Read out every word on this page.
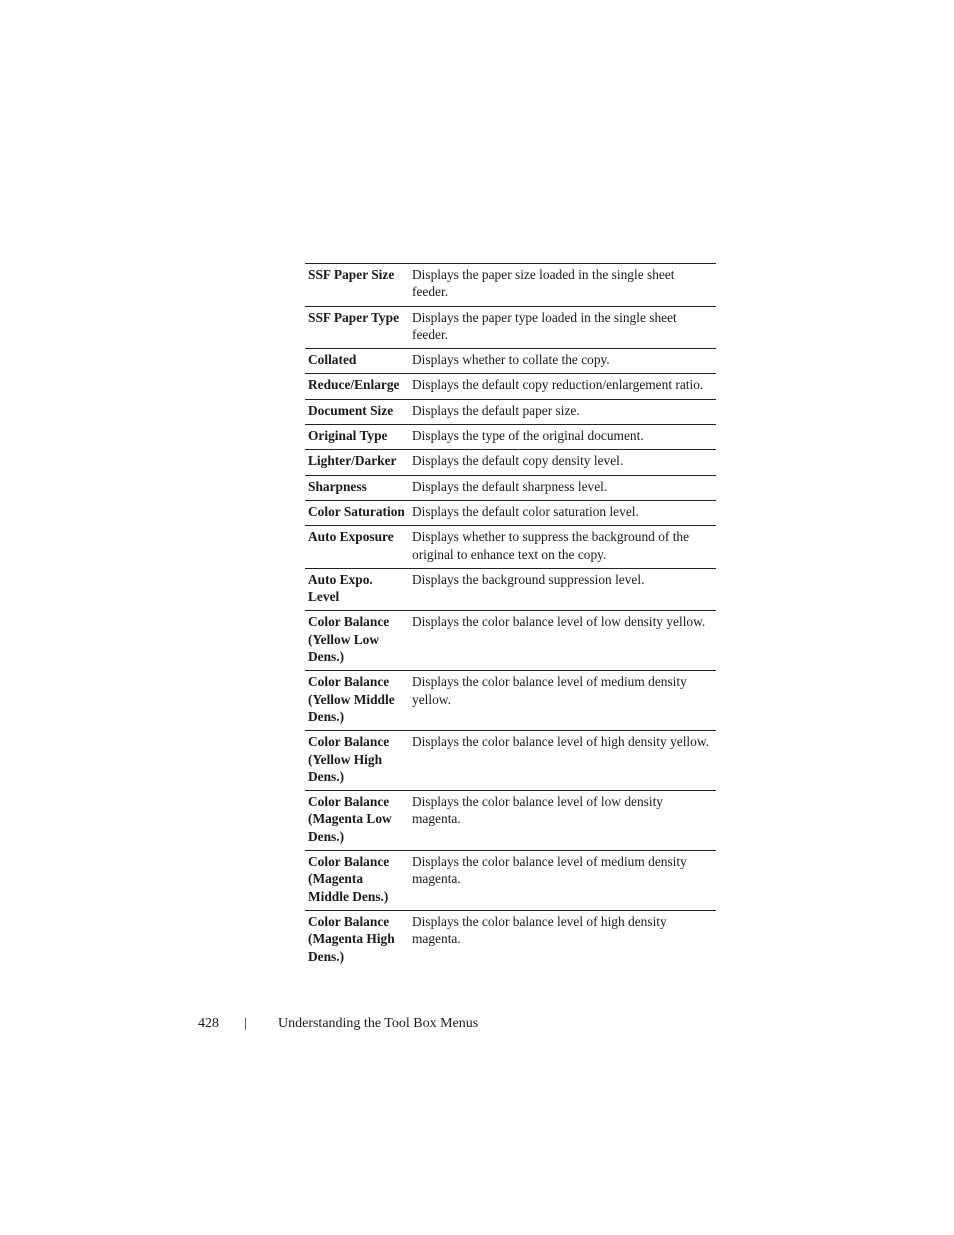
SSF Paper Size	Displays the paper size loaded in the single sheet feeder.
SSF Paper Type	Displays the paper type loaded in the single sheet feeder.
Collated	Displays whether to collate the copy.
Reduce/Enlarge	Displays the default copy reduction/enlargement ratio.
Document Size	Displays the default paper size.
Original Type	Displays the type of the original document.
Lighter/Darker	Displays the default copy density level.
Sharpness	Displays the default sharpness level.
Color Saturation	Displays the default color saturation level.
Auto Exposure	Displays whether to suppress the background of the original to enhance text on the copy.
Auto Expo. Level	Displays the background suppression level.
Color Balance (Yellow Low Dens.)	Displays the color balance level of low density yellow.
Color Balance (Yellow Middle Dens.)	Displays the color balance level of medium density yellow.
Color Balance (Yellow High Dens.)	Displays the color balance level of high density yellow.
Color Balance (Magenta Low Dens.)	Displays the color balance level of low density magenta.
Color Balance (Magenta Middle Dens.)	Displays the color balance level of medium density magenta.
Color Balance (Magenta High Dens.)	Displays the color balance level of high density magenta.
428 | Understanding the Tool Box Menus
